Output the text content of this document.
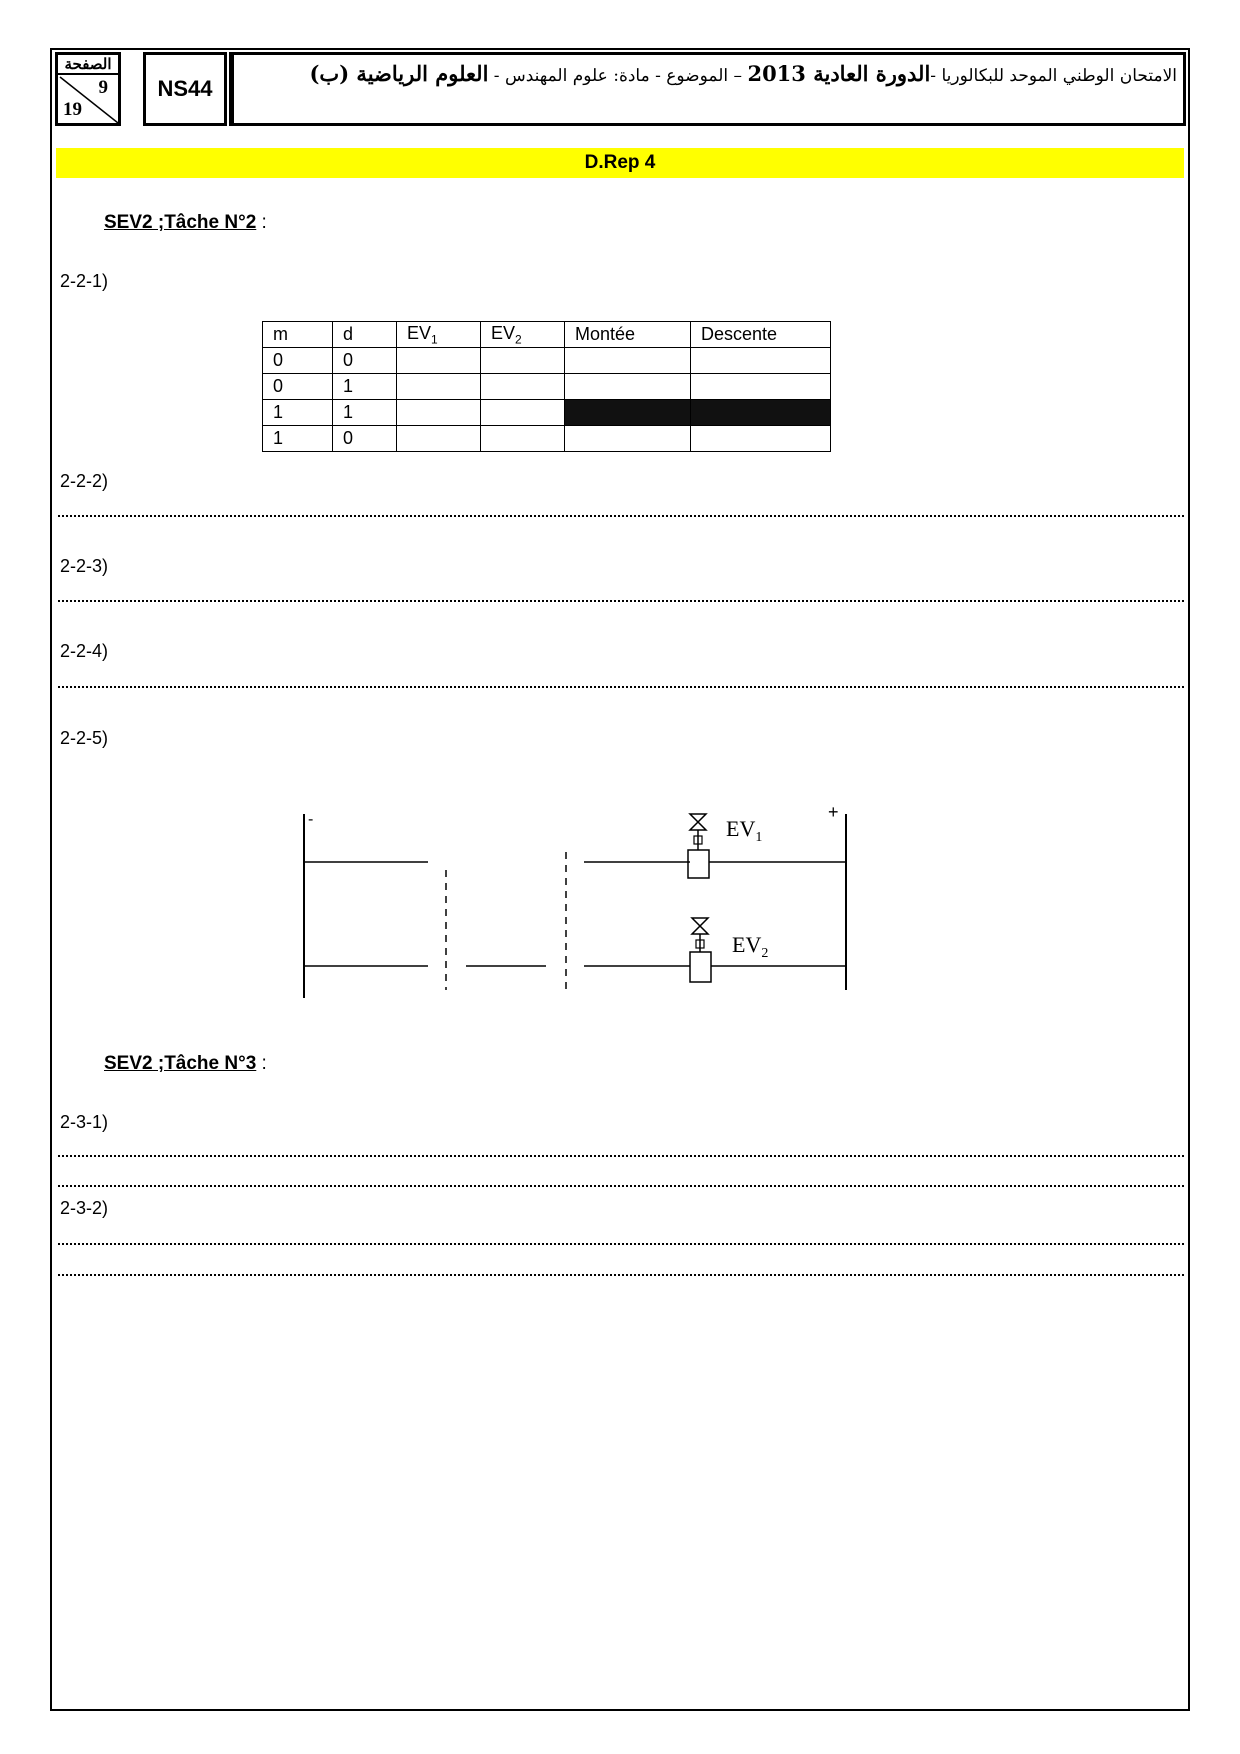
الصفحة
9
19
NS44	الامتحان الوطني الموحد للبكالوريا -الدورة العادية 2013 – الموضوع - مادة: علوم المهندس - العلوم الرياضية (ب)
D.Rep 4
SEV2 ;Tâche N°2 :
2-2-1)
m	d	$EV_1$	$EV_2$	Montée	Descente
0	0				
0	1				
1	1				
1	0				
2-2-2)
2-2-3)
2-2-4)
2-2-5)
-	+
$EV_1$
$EV_2$
SEV2 ;Tâche N°3 :
2-3-1)
2-3-2)
